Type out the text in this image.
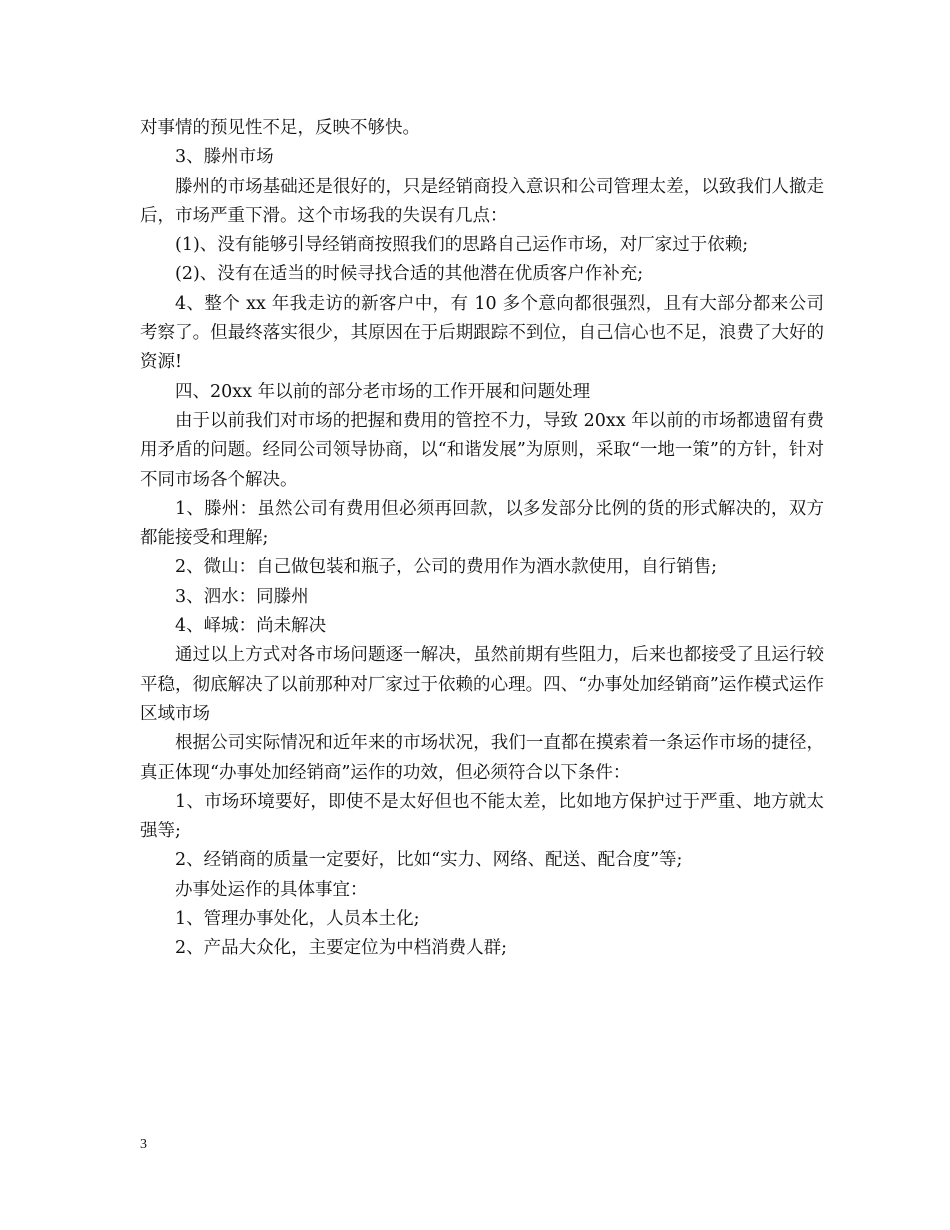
对事情的预见性不足，反映不够快。

3、滕州市场

滕州的市场基础还是很好的，只是经销商投入意识和公司管理太差，以致我们人撤走后，市场严重下滑。这个市场我的失误有几点：

(1)、没有能够引导经销商按照我们的思路自己运作市场，对厂家过于依赖;

(2)、没有在适当的时候寻找合适的其他潜在优质客户作补充;

4、整个 xx 年我走访的新客户中，有 10 多个意向都很强烈，且有大部分都来公司考察了。但最终落实很少，其原因在于后期跟踪不到位，自己信心也不足，浪费了大好的资源!

四、20xx 年以前的部分老市场的工作开展和问题处理

由于以前我们对市场的把握和费用的管控不力，导致 20xx 年以前的市场都遗留有费用矛盾的问题。经同公司领导协商，以“和谐发展”为原则，采取“一地一策”的方针，针对不同市场各个解决。

1、滕州：虽然公司有费用但必须再回款，以多发部分比例的货的形式解决的，双方都能接受和理解;

2、微山：自己做包装和瓶子，公司的费用作为酒水款使用，自行销售;

3、泗水：同滕州

4、峄城：尚未解决

通过以上方式对各市场问题逐一解决，虽然前期有些阻力，后来也都接受了且运行较平稳，彻底解决了以前那种对厂家过于依赖的心理。四、“办事处加经销商”运作模式运作区域市场

根据公司实际情况和近年来的市场状况，我们一直都在摸索着一条运作市场的捷径，真正体现“办事处加经销商”运作的功效，但必须符合以下条件：

1、市场环境要好，即使不是太好但也不能太差，比如地方保护过于严重、地方就太强等;

2、经销商的质量一定要好，比如“实力、网络、配送、配合度”等;

办事处运作的具体事宜：

1、管理办事处化，人员本土化;

2、产品大众化，主要定位为中档消费人群;

3
